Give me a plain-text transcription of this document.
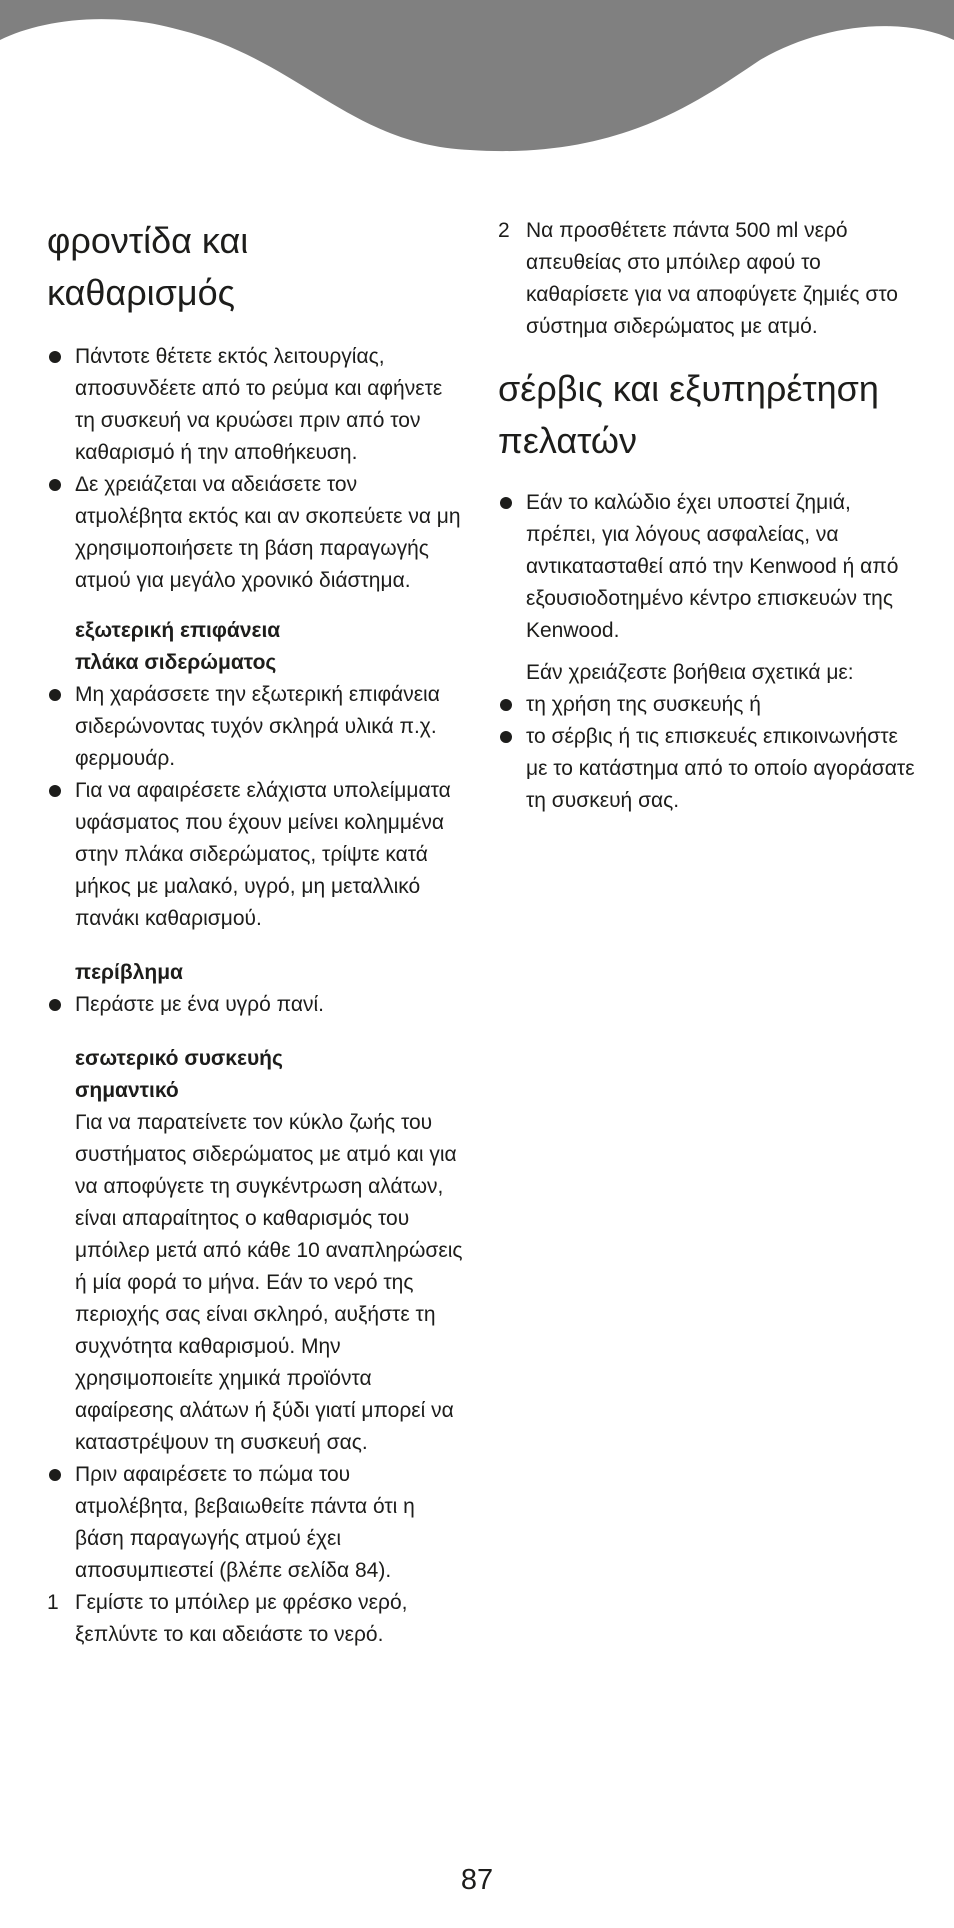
φροντίδα και καθαρισμός
Πάντοτε θέτετε εκτός λειτουργίας, αποσυνδέετε από το ρεύμα και αφήνετε τη συσκευή να κρυώσει πριν από τον καθαρισμό ή την αποθήκευση.
Δε χρειάζεται να αδειάσετε τον ατμολέβητα εκτός και αν σκοπεύετε να μη χρησιμοποιήσετε τη βάση παραγωγής ατμού για μεγάλο χρονικό διάστημα.

εξωτερική επιφάνεια

πλάκα σιδερώματος

Μη χαράσσετε την εξωτερική επιφάνεια σιδερώνοντας τυχόν σκληρά υλικά π.χ. φερμουάρ.
Για να αφαιρέσετε ελάχιστα υπολείμματα υφάσματος που έχουν μείνει κολημμένα στην πλάκα σιδερώματος, τρίψτε κατά μήκος με μαλακό, υγρό, μη μεταλλικό πανάκι καθαρισμού.

περίβλημα

Περάστε με ένα υγρό πανί.

εσωτερικό συσκευής

σημαντικό

Για να παρατείνετε τον κύκλο ζωής του συστήματος σιδερώματος με ατμό και για να αποφύγετε τη συγκέντρωση αλάτων, είναι απαραίτητος ο καθαρισμός του μπόιλερ μετά από κάθε 10 αναπληρώσεις ή μία φορά το μήνα. Εάν το νερό της περιοχής σας είναι σκληρό, αυξήστε τη συχνότητα καθαρισμού. Μην χρησιμοποιείτε χημικά προϊόντα αφαίρεσης αλάτων ή ξύδι γιατί μπορεί να καταστρέψουν τη συσκευή σας.

Πριν αφαιρέσετε το πώμα του ατμολέβητα, βεβαιωθείτε πάντα ότι η βάση παραγωγής ατμού έχει αποσυμπιεστεί (βλέπε σελίδα 84).
1 Γεμίστε το μπόιλερ με φρέσκο νερό, ξεπλύντε το και αδειάστε το νερό.
2 Να προσθέτετε πάντα 500 ml νερό απευθείας στο μπόιλερ αφού το καθαρίσετε για να αποφύγετε ζημιές στο σύστημα σιδερώματος με ατμό.
σέρβις και εξυπηρέτηση πελατών
Εάν το καλώδιο έχει υποστεί ζημιά, πρέπει, για λόγους ασφαλείας, να αντικατασταθεί από την Kenwood ή από εξουσιοδοτημένο κέντρο επισκευών της Kenwood.

Εάν χρειάζεστε βοήθεια σχετικά με:

τη χρήση της συσκευής ή
το σέρβις ή τις επισκευές επικοινωνήστε με το κατάστημα από το οποίο αγοράσατε τη συσκευή σας.
87
